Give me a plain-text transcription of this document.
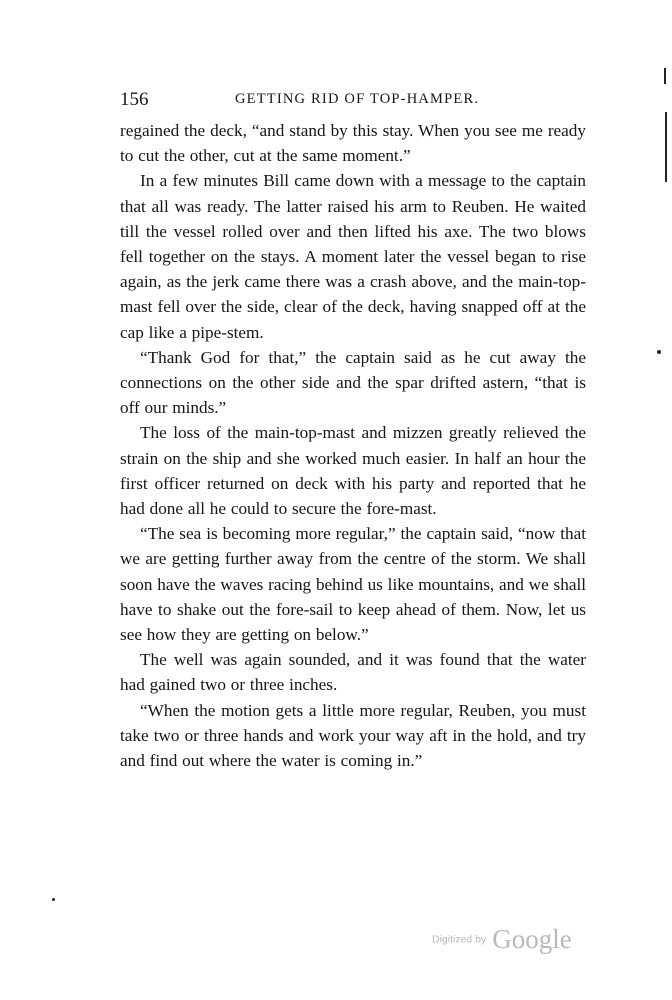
156	GETTING RID OF TOP-HAMPER.

regained the deck, “and stand by this stay. When you see me ready to cut the other, cut at the same moment.”

In a few minutes Bill came down with a message to the captain that all was ready. The latter raised his arm to Reuben. He waited till the vessel rolled over and then lifted his axe. The two blows fell together on the stays. A moment later the vessel began to rise again, as the jerk came there was a crash above, and the main-top-mast fell over the side, clear of the deck, having snapped off at the cap like a pipe-stem.

“Thank God for that,” the captain said as he cut away the connections on the other side and the spar drifted astern, “that is off our minds.”

The loss of the main-top-mast and mizzen greatly relieved the strain on the ship and she worked much easier. In half an hour the first officer returned on deck with his party and reported that he had done all he could to secure the fore-mast.

“The sea is becoming more regular,” the captain said, “now that we are getting further away from the centre of the storm. We shall soon have the waves racing behind us like mountains, and we shall have to shake out the fore-sail to keep ahead of them. Now, let us see how they are getting on below.”

The well was again sounded, and it was found that the water had gained two or three inches.

“When the motion gets a little more regular, Reuben, you must take two or three hands and work your way aft in the hold, and try and find out where the water is coming in.”

Digitized by Google
